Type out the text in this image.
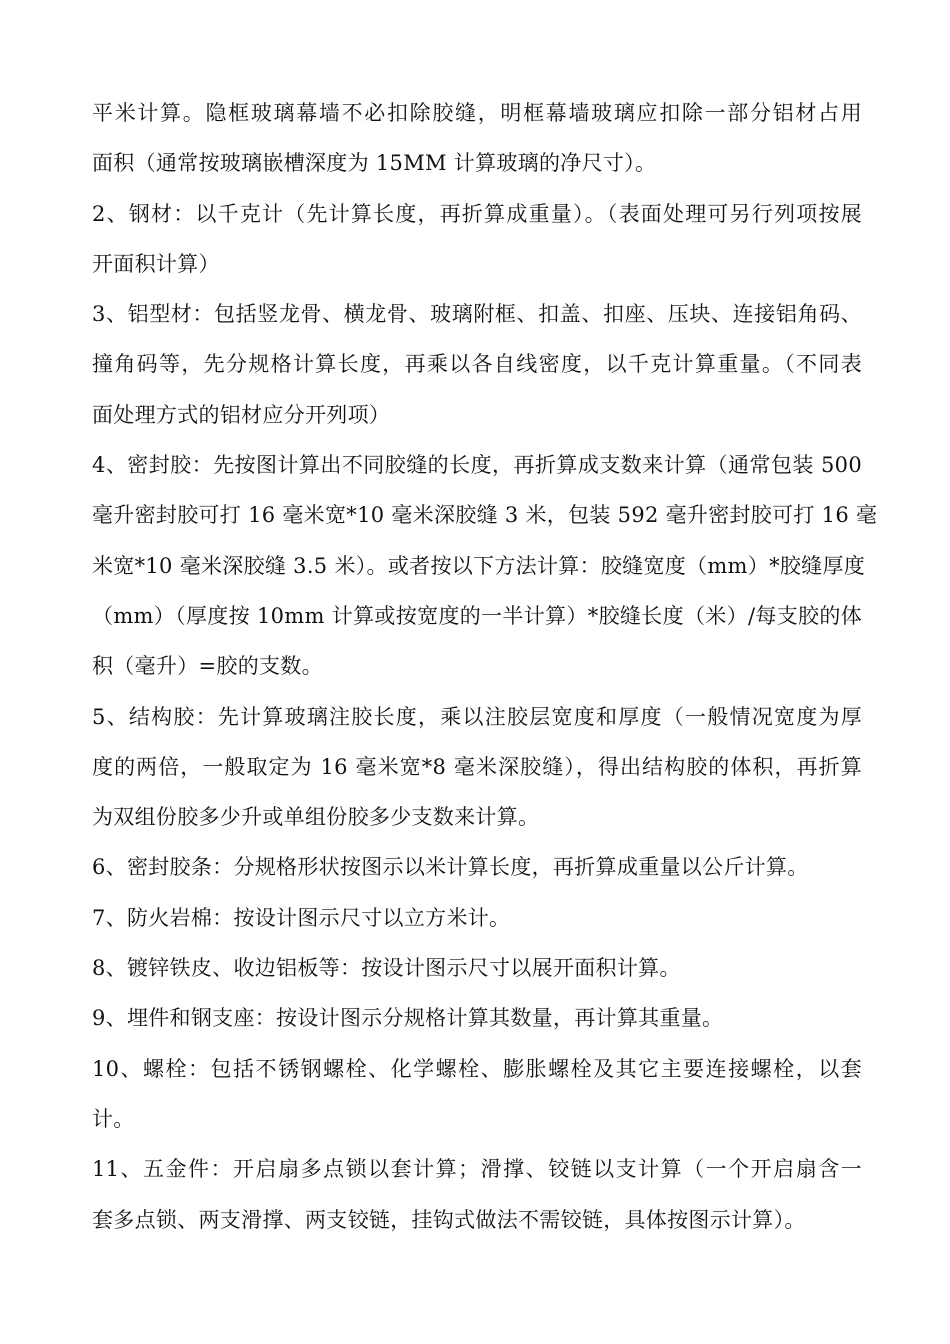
平米计算。隐框玻璃幕墙不必扣除胶缝，明框幕墙玻璃应扣除一部分铝材占用
面积（通常按玻璃嵌槽深度为 15MM 计算玻璃的净尺寸）。
2、钢材：以千克计（先计算长度，再折算成重量）。（表面处理可另行列项按展
开面积计算）
3、铝型材：包括竖龙骨、横龙骨、玻璃附框、扣盖、扣座、压块、连接铝角码、
撞角码等，先分规格计算长度，再乘以各自线密度，以千克计算重量。（不同表
面处理方式的铝材应分开列项）
4、密封胶：先按图计算出不同胶缝的长度，再折算成支数来计算（通常包装 500
毫升密封胶可打 16 毫米宽*10 毫米深胶缝 3 米，包装 592 毫升密封胶可打 16 毫
米宽*10 毫米深胶缝 3.5 米）。或者按以下方法计算：胶缝宽度（mm）*胶缝厚度
（mm）（厚度按 10mm 计算或按宽度的一半计算）*胶缝长度（米）/每支胶的体
积（毫升）=胶的支数。
5、结构胶：先计算玻璃注胶长度，乘以注胶层宽度和厚度（一般情况宽度为厚
度的两倍，一般取定为 16 毫米宽*8 毫米深胶缝），得出结构胶的体积，再折算
为双组份胶多少升或单组份胶多少支数来计算。
6、密封胶条：分规格形状按图示以米计算长度，再折算成重量以公斤计算。
7、防火岩棉：按设计图示尺寸以立方米计。
8、镀锌铁皮、收边铝板等：按设计图示尺寸以展开面积计算。
9、埋件和钢支座：按设计图示分规格计算其数量，再计算其重量。
10、螺栓：包括不锈钢螺栓、化学螺栓、膨胀螺栓及其它主要连接螺栓，以套
计。
11、五金件：开启扇多点锁以套计算；滑撑、铰链以支计算（一个开启扇含一
套多点锁、两支滑撑、两支铰链，挂钩式做法不需铰链，具体按图示计算）。
